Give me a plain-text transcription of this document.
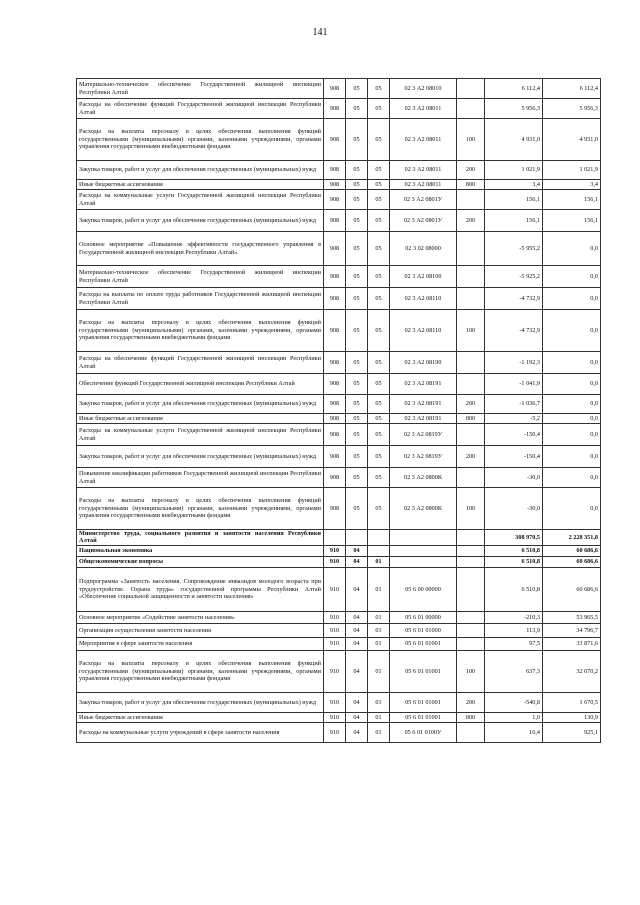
141
Материально-техническое обеспечение Государственной жилищной инспекции Республики Алтай	908	05	05	02 3 А2 08010		6 112,4	6 112,4
Расходы на обеспечение функций Государственной жилищной инспекции Республики Алтай	908	05	05	02 3 А2 08011		5 956,3	5 956,3
Расходы на выплаты персоналу в целях обеспечения выполнения функций государственными (муниципальными) органами, казенными учреждениями, органами управления государственными внебюджетными фондами	908	05	05	02 3 А2 08011	100	4 931,0	4 931,0
Закупка товаров, работ и услуг для обеспечения государственных (муниципальных) нужд	908	05	05	02 3 А2 08011	200	1 021,9	1 021,9
Иные бюджетные ассигнования	908	05	05	02 3 А2 08011	800	3,4	3,4
Расходы на коммунальные услуги Государственной жилищной инспекции Республики Алтай	908	05	05	02 3 А2 0801У		156,1	156,1
Закупка товаров, работ и услуг для обеспечения государственных (муниципальных) нужд	908	05	05	02 3 А2 0801У	200	156,1	156,1
Основное мероприятие «Повышение эффективности государственного управления в Государственной жилищной инспекции Республики Алтай»	908	05	05	02 3 02 08000		-5 955,2	0,0
Материально-техническое обеспечение Государственной жилищной инспекции Республики Алтай	908	05	05	02 3 А2 08100		-5 925,2	0,0
Расходы на выплаты по оплате труда работников Государственной жилищной инспекции Республики Алтай	908	05	05	02 3 А2 08110		-4 732,9	0,0
Расходы на выплаты персоналу в целях обеспечения выполнения функций государственными (муниципальными) органами, казенными учреждениями, органами управления государственными внебюджетными фондами	908	05	05	02 3 А2 08110	100	-4 732,9	0,0
Расходы на обеспечение функций Государственной жилищной инспекции Республики Алтай	908	05	05	02 3 А2 08190		-1 192,3	0,0
Обеспечение функций Государственной жилищной инспекции Республики Алтай	908	05	05	02 3 А2 08191		-1 041,9	0,0
Закупка товаров, работ и услуг для обеспечения государственных (муниципальных) нужд	908	05	05	02 3 А2 08191	200	-1 036,7	0,0
Иные бюджетные ассигнования	908	05	05	02 3 А2 08191	800	-5,2	0,0
Расходы на коммунальные услуги Государственной жилищной инспекции Республики Алтай	908	05	05	02 3 А2 0819У		-150,4	0,0
Закупка товаров, работ и услуг для обеспечения государственных (муниципальных) нужд	908	05	05	02 3 А2 0819У	200	-150,4	0,0
Повышение квалификации работников Государственной жилищной инспекции Республики Алтай	908	05	05	02 3 А2 0800К		-30,0	0,0
Расходы на выплаты персоналу в целях обеспечения выполнения функций государственными (муниципальными) органами, казенными учреждениями, органами управления государственными внебюджетными фондами	908	05	05	02 3 А2 0800К	100	-30,0	0,0
Министерство труда, социального развития и занятости населения Республики Алтай						308 970,5	2 228 351,8
Национальная экономика	910	04				6 510,8	60 686,6
Общеэкономические вопросы	910	04	01			6 510,8	60 686,6
Подпрограмма «Занятость населения. Сопровождение инвалидов молодого возраста при трудоустройстве. Охрана труда» государственной программы Республики Алтай «Обеспечение социальной защищенности и занятости населения»	910	04	01	05 6 00 00000		6 510,8	60 686,6
Основное мероприятие «Содействие занятости населения»	910	04	01	05 6 01 00000		-210,3	53 965,5
Организация осуществления занятости населения	910	04	01	05 6 01 01000		113,9	34 796,7
Мероприятия в сфере занятости населения	910	04	01	05 6 01 01001		97,5	33 871,6
Расходы на выплаты персоналу в целях обеспечения выполнения функций государственными (муниципальными) органами, казенными учреждениями, органами управления государственными внебюджетными фондами	910	04	01	05 6 01 01001	100	637,3	32 070,2
Закупка товаров, работ и услуг для обеспечения государственных (муниципальных) нужд	910	04	01	05 6 01 01001	200	-540,8	1 670,5
Иные бюджетные ассигнования	910	04	01	05 6 01 01001	800	1,0	130,9
Расходы на коммунальные услуги учреждений в сфере занятости населения	910	04	01	05 6 01 0100У		16,4	925,1
